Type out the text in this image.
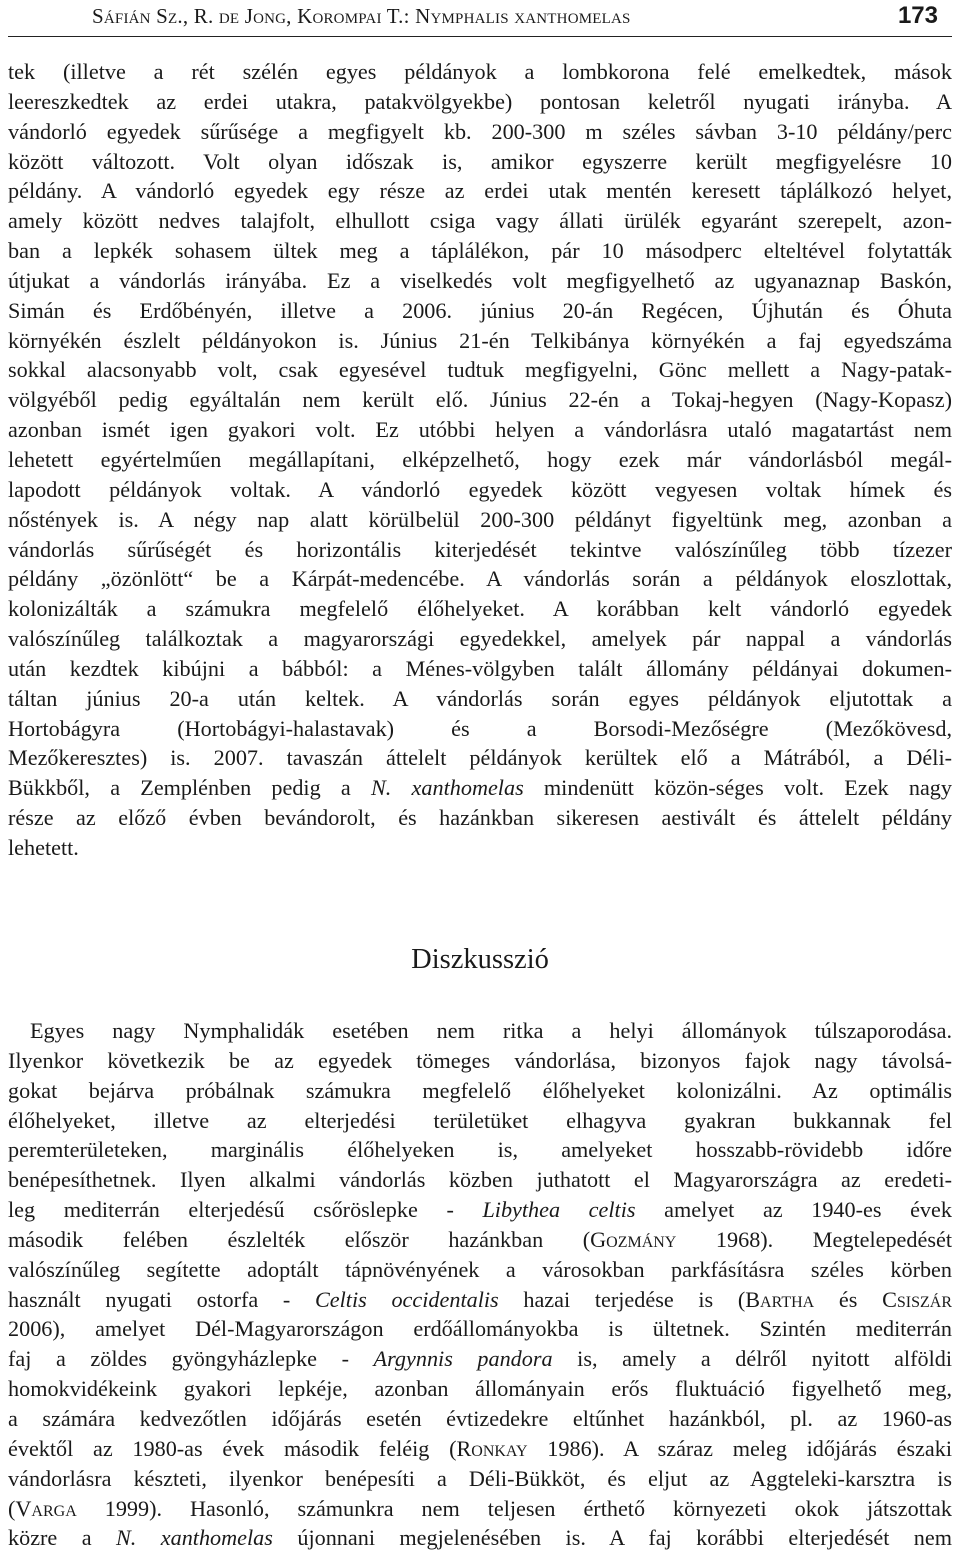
Sáfián Sz., R. de Jong, Korompai T.: Nymphalis xanthomelas	173
tek (illetve a rét szélén egyes példányok a lombkorona felé emelkedtek, mások
leereszkedtek az erdei utakra, patakvölgyekbe) pontosan keletről nyugati irányba. A
vándorló egyedek sűrűsége a megfigyelt kb. 200-300 m széles sávban 3-10 példány/perc
között változott. Volt olyan időszak is, amikor egyszerre került megfigyelésre 10
példány. A vándorló egyedek egy része az erdei utak mentén keresett táplálkozó helyet,
amely között nedves talajfolt, elhullott csiga vagy állati ürülék egyaránt szerepelt, azon-
ban a lepkék sohasem ültek meg a táplálékon, pár 10 másodperc elteltével folytatták
útjukat a vándorlás irányába. Ez a viselkedés volt megfigyelhető az ugyanaznap Baskón,
Simán és Erdőbényén, illetve a 2006. június 20-án Regécen, Újhután és Óhuta
környékén észlelt példányokon is. Június 21-én Telkibánya környékén a faj egyedszáma
sokkal alacsonyabb volt, csak egyesével tudtuk megfigyelni, Gönc mellett a Nagy-patak-
völgyéből pedig egyáltalán nem került elő. Június 22-én a Tokaj-hegyen (Nagy-Kopasz)
azonban ismét igen gyakori volt. Ez utóbbi helyen a vándorlásra utaló magatartást nem
lehetett egyértelműen megállapítani, elképzelhető, hogy ezek már vándorlásból megál-
lapodott példányok voltak. A vándorló egyedek között vegyesen voltak hímek és
nőstények is. A négy nap alatt körülbelül 200-300 példányt figyeltünk meg, azonban a
vándorlás sűrűségét és horizontális kiterjedését tekintve valószínűleg több tízezer
példány „özönlött“ be a Kárpát-medencébe. A vándorlás során a példányok eloszlottak,
kolonizálták a számukra megfelelő élőhelyeket. A korábban kelt vándorló egyedek
valószínűleg találkoztak a magyarországi egyedekkel, amelyek pár nappal a vándorlás
után kezdtek kibújni a bábból: a Ménes-völgyben talált állomány példányai dokumen-
táltan június 20-a után keltek. A vándorlás során egyes példányok eljutottak a
Hortobágyra (Hortobágyi-halastavak) és a Borsodi-Mezőségre (Mezőkövesd,
Mezőkeresztes) is. 2007. tavaszán áttelelt példányok kerültek elő a Mátrából, a Déli-
Bükkből, a Zemplénben pedig a N. xanthomelas mindenütt közön-séges volt. Ezek nagy
része az előző évben bevándorolt, és hazánkban sikeresen aestivált és áttelelt példány
lehetett.
Diszkusszió
Egyes nagy Nymphalidák esetében nem ritka a helyi állományok túlszaporodása.
Ilyenkor következik be az egyedek tömeges vándorlása, bizonyos fajok nagy távolsá-
gokat bejárva próbálnak számukra megfelelő élőhelyeket kolonizálni. Az optimális
élőhelyeket, illetve az elterjedési területüket elhagyva gyakran bukkannak fel
peremterületeken, marginális élőhelyeken is, amelyeket hosszabb-rövidebb időre
benépesíthetnek. Ilyen alkalmi vándorlás közben juthatott el Magyarországra az eredeti-
leg mediterrán elterjedésű csőröslepke - Libythea celtis amelyet az 1940-es évek
második felében észlelték először hazánkban (Gozmány 1968). Megtelepedését
valószínűleg segítette adoptált tápnövényének a városokban parkfásításra széles körben
használt nyugati ostorfa - Celtis occidentalis hazai terjedése is (Bartha és Csiszár
2006), amelyet Dél-Magyarországon erdőállományokba is ültetnek. Szintén mediterrán
faj a zöldes gyöngyházlepke - Argynnis pandora is, amely a délről nyitott alföldi
homokvidékeink gyakori lepkéje, azonban állományain erős fluktuáció figyelhető meg,
a számára kedvezőtlen időjárás esetén évtizedekre eltűnhet hazánkból, pl. az 1960-as
évektől az 1980-as évek második feléig (Ronkay 1986). A száraz meleg időjárás északi
vándorlásra készteti, ilyenkor benépesíti a Déli-Bükköt, és eljut az Aggteleki-karsztra is
(Varga 1999). Hasonló, számunkra nem teljesen érthető környezeti okok játszottak
közre a N. xanthomelas újonnani megjelenésében is. A faj korábbi elterjedését nem
